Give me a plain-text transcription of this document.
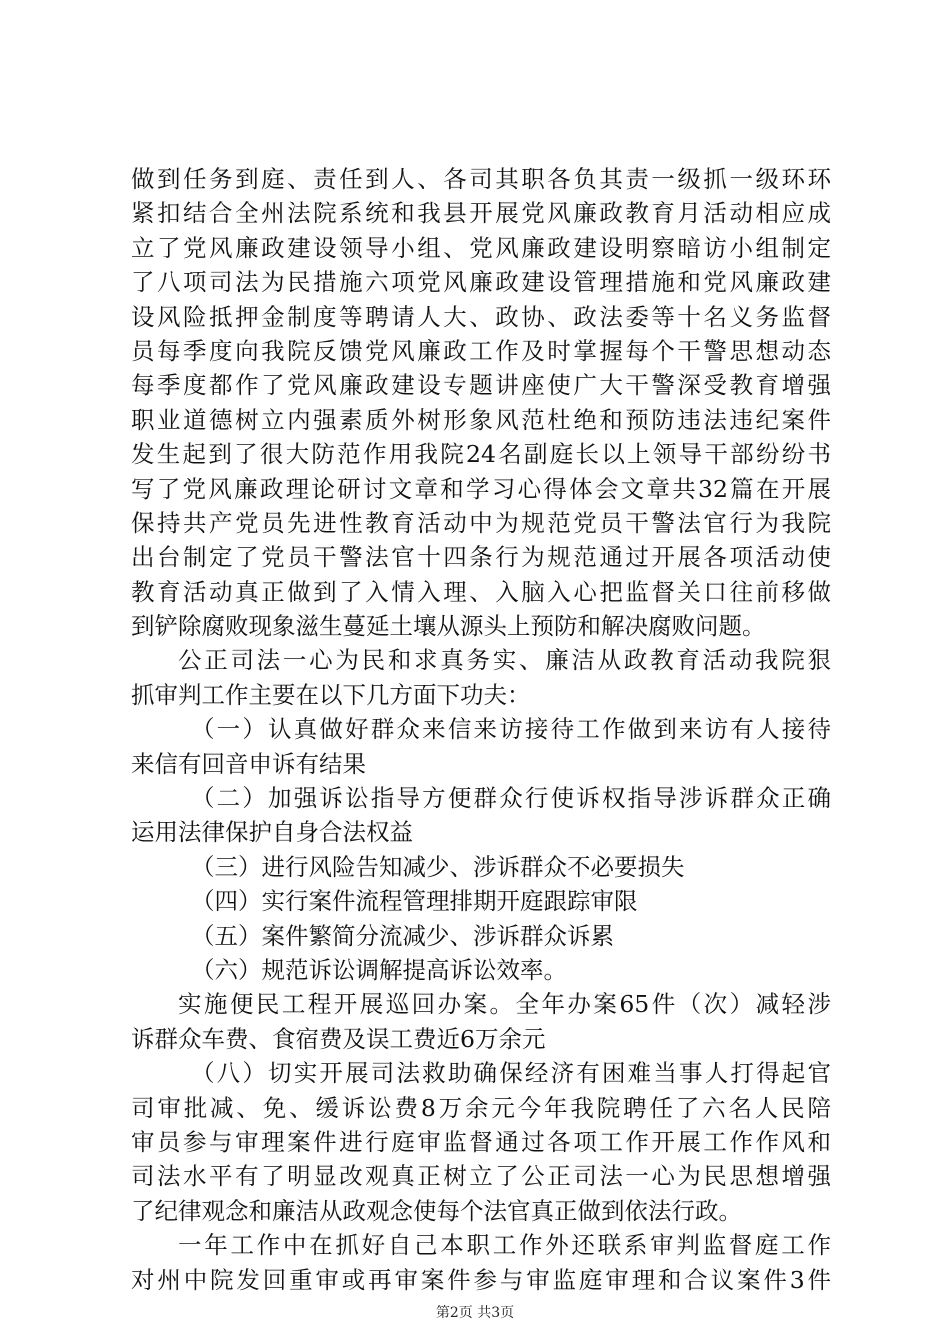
做到任务到庭、责任到人、各司其职各负其责一级抓一级环环
紧扣结合全州法院系统和我县开展党风廉政教育月活动相应成
立了党风廉政建设领导小组、党风廉政建设明察暗访小组制定
了八项司法为民措施六项党风廉政建设管理措施和党风廉政建
设风险抵押金制度等聘请人大、政协、政法委等十名义务监督
员每季度向我院反馈党风廉政工作及时掌握每个干警思想动态
每季度都作了党风廉政建设专题讲座使广大干警深受教育增强
职业道德树立内强素质外树形象风范杜绝和预防违法违纪案件
发生起到了很大防范作用我院24名副庭长以上领导干部纷纷书
写了党风廉政理论研讨文章和学习心得体会文章共32篇在开展
保持共产党员先进性教育活动中为规范党员干警法官行为我院
出台制定了党员干警法官十四条行为规范通过开展各项活动使
教育活动真正做到了入情入理、入脑入心把监督关口往前移做
到铲除腐败现象滋生蔓延土壤从源头上预防和解决腐败问题。
公正司法一心为民和求真务实、廉洁从政教育活动我院狠
抓审判工作主要在以下几方面下功夫：
（一）认真做好群众来信来访接待工作做到来访有人接待
来信有回音申诉有结果
（二）加强诉讼指导方便群众行使诉权指导涉诉群众正确
运用法律保护自身合法权益
（三）进行风险告知减少、涉诉群众不必要损失
（四）实行案件流程管理排期开庭跟踪审限
（五）案件繁简分流减少、涉诉群众诉累
（六）规范诉讼调解提高诉讼效率。
实施便民工程开展巡回办案。全年办案65件（次）减轻涉
诉群众车费、食宿费及误工费近6万余元
（八）切实开展司法救助确保经济有困难当事人打得起官
司审批减、免、缓诉讼费8万余元今年我院聘任了六名人民陪
审员参与审理案件进行庭审监督通过各项工作开展工作作风和
司法水平有了明显改观真正树立了公正司法一心为民思想增强
了纪律观念和廉洁从政观念使每个法官真正做到依法行政。
一年工作中在抓好自己本职工作外还联系审判监督庭工作
对州中院发回重审或再审案件参与审监庭审理和合议案件3件
第2页 共3页
